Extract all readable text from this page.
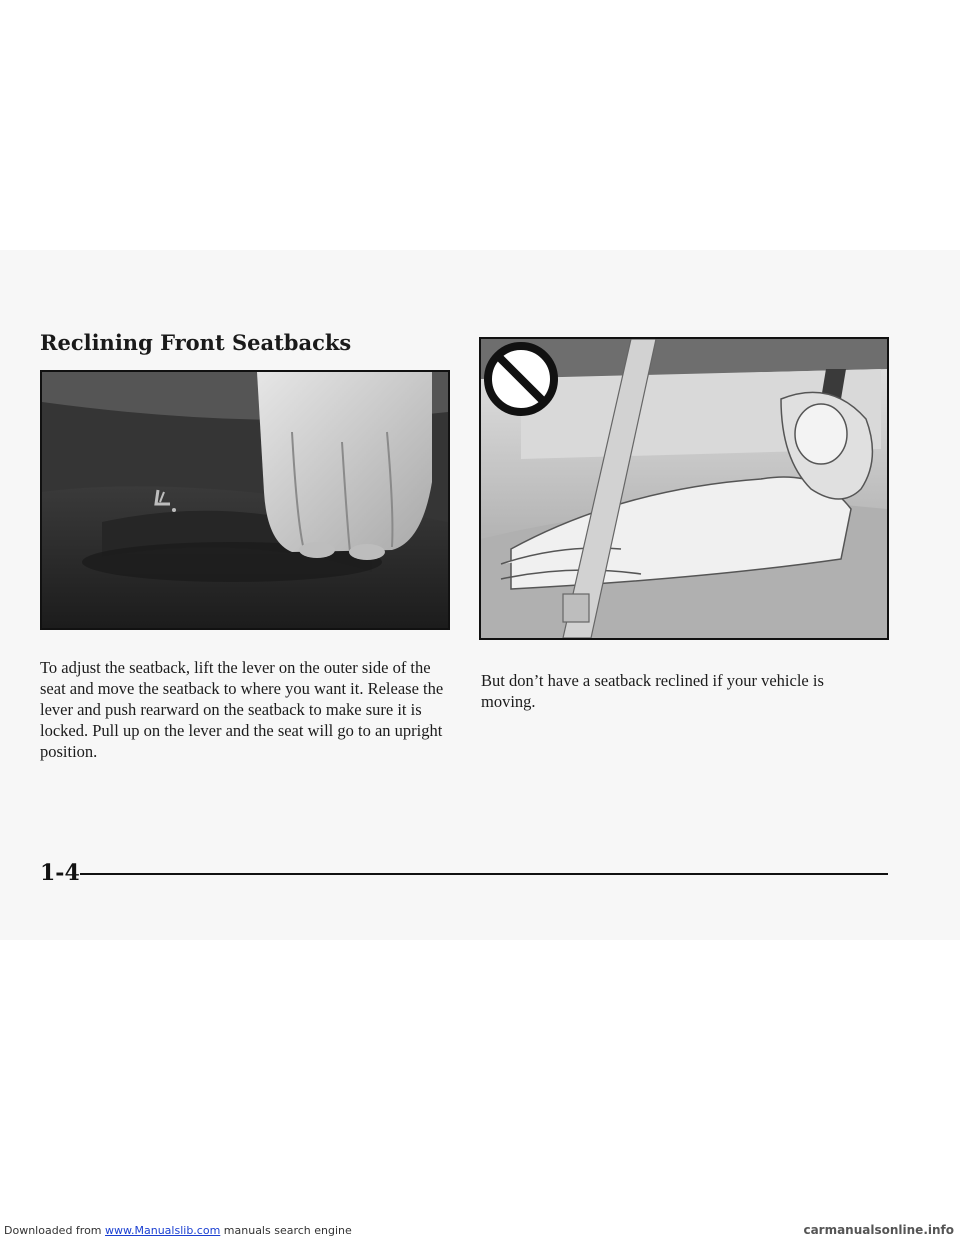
Reclining Front Seatbacks

To adjust the seatback, lift the lever on the outer side of the seat and move the seatback to where you want it. Release the lever and push rearward on the seatback to make sure it is locked. Pull up on the lever and the seat will go to an upright position.

But don’t have a seatback reclined if your vehicle is moving.

1-4
Downloaded from www.Manualslib.com manuals search engine	carmanualsonline.info
